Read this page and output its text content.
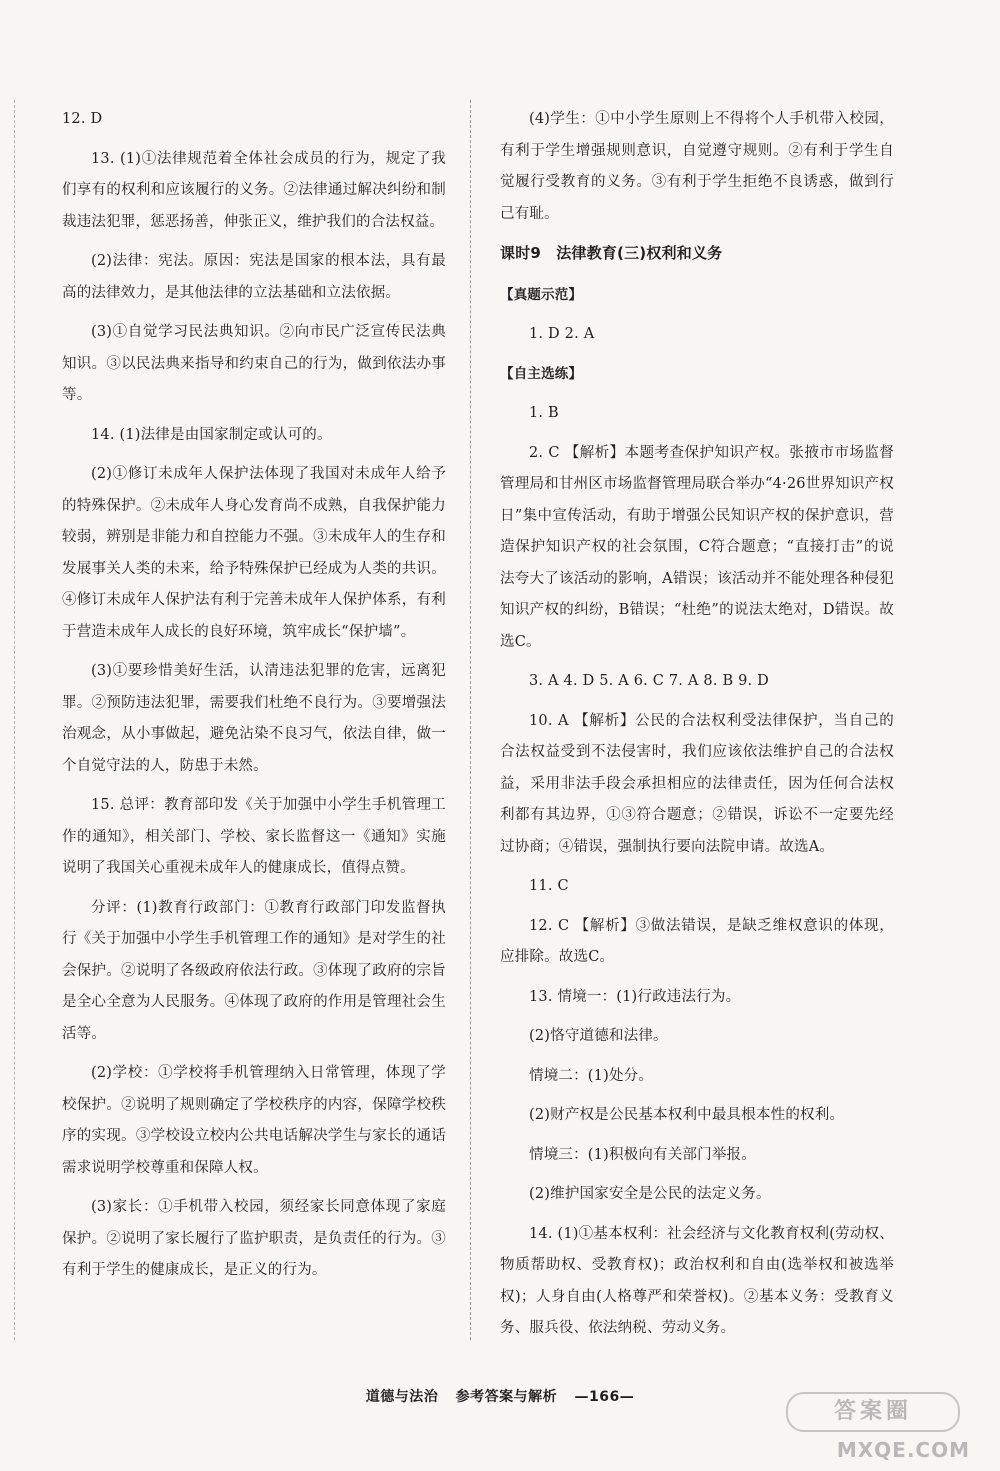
12. D

13. (1)①法律规范着全体社会成员的行为，规定了我们享有的权利和应该履行的义务。②法律通过解决纠纷和制裁违法犯罪，惩恶扬善，伸张正义，维护我们的合法权益。

(2)法律：宪法。原因：宪法是国家的根本法，具有最高的法律效力，是其他法律的立法基础和立法依据。

(3)①自觉学习民法典知识。②向市民广泛宣传民法典知识。③以民法典来指导和约束自己的行为，做到依法办事等。

14. (1)法律是由国家制定或认可的。

(2)①修订未成年人保护法体现了我国对未成年人给予的特殊保护。②未成年人身心发育尚不成熟，自我保护能力较弱，辨别是非能力和自控能力不强。③未成年人的生存和发展事关人类的未来，给予特殊保护已经成为人类的共识。④修订未成年人保护法有利于完善未成年人保护体系，有利于营造未成年人成长的良好环境，筑牢成长“保护墙”。

(3)①要珍惜美好生活，认清违法犯罪的危害，远离犯罪。②预防违法犯罪，需要我们杜绝不良行为。③要增强法治观念，从小事做起，避免沾染不良习气，依法自律，做一个自觉守法的人，防患于未然。

15. 总评：教育部印发《关于加强中小学生手机管理工作的通知》，相关部门、学校、家长监督这一《通知》实施说明了我国关心重视未成年人的健康成长，值得点赞。

分评：(1)教育行政部门：①教育行政部门印发监督执行《关于加强中小学生手机管理工作的通知》是对学生的社会保护。②说明了各级政府依法行政。③体现了政府的宗旨是全心全意为人民服务。④体现了政府的作用是管理社会生活等。

(2)学校：①学校将手机管理纳入日常管理，体现了学校保护。②说明了规则确定了学校秩序的内容，保障学校秩序的实现。③学校设立校内公共电话解决学生与家长的通话需求说明学校尊重和保障人权。

(3)家长：①手机带入校园，须经家长同意体现了家庭保护。②说明了家长履行了监护职责，是负责任的行为。③有利于学生的健康成长，是正义的行为。

(4)学生：①中小学生原则上不得将个人手机带入校园，有利于学生增强规则意识，自觉遵守规则。②有利于学生自觉履行受教育的义务。③有利于学生拒绝不良诱惑，做到行己有耻。

课时9　法律教育(三)权利和义务

【真题示范】

1. D 2. A

【自主选练】

1. B

2. C 【解析】本题考查保护知识产权。张掖市市场监督管理局和甘州区市场监督管理局联合举办“4·26世界知识产权日”集中宣传活动，有助于增强公民知识产权的保护意识，营造保护知识产权的社会氛围，C符合题意；“直接打击”的说法夸大了该活动的影响，A错误；该活动并不能处理各种侵犯知识产权的纠纷，B错误；“杜绝”的说法太绝对，D错误。故选C。

3. A 4. D 5. A 6. C 7. A 8. B 9. D

10. A 【解析】公民的合法权利受法律保护，当自己的合法权益受到不法侵害时，我们应该依法维护自己的合法权益，采用非法手段会承担相应的法律责任，因为任何合法权利都有其边界，①③符合题意；②错误，诉讼不一定要先经过协商；④错误，强制执行要向法院申请。故选A。

11. C

12. C 【解析】③做法错误，是缺乏维权意识的体现，应排除。故选C。

13. 情境一：(1)行政违法行为。

(2)恪守道德和法律。

情境二：(1)处分。

(2)财产权是公民基本权利中最具根本性的权利。

情境三：(1)积极向有关部门举报。

(2)维护国家安全是公民的法定义务。

14. (1)①基本权利：社会经济与文化教育权利(劳动权、物质帮助权、受教育权)；政治权利和自由(选举权和被选举权)；人身自由(人格尊严和荣誉权)。②基本义务：受教育义务、服兵役、依法纳税、劳动义务。

道德与法治 参考答案与解析 —166—
答案圈
MXQE.COM
